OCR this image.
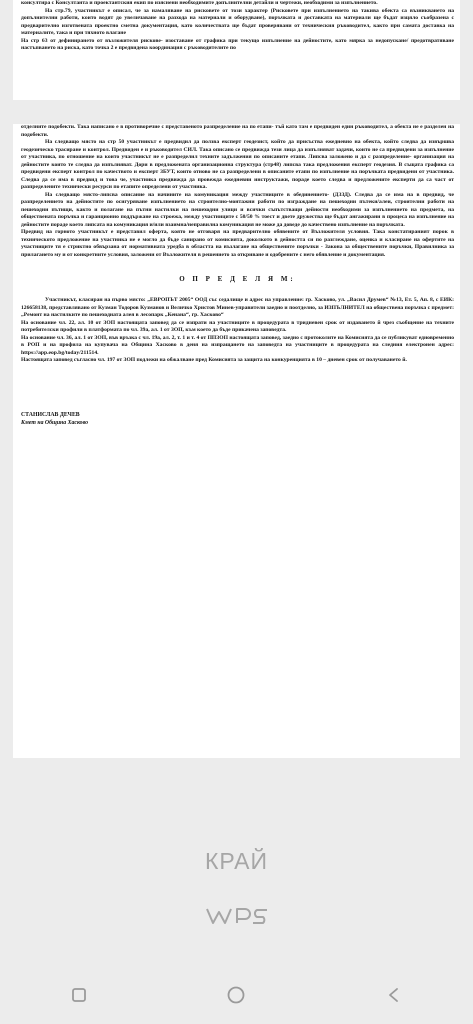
консултира с Консултанта и проектантския екип по изяснени необходимите допълнителни детайли и чертежи, необходими за изпълнението.

На стр.79, участникът е описал, че за намаляване на рисковете от този характер (Рисковете при изпълнението на такива обекта са възникването на допълнителни работи, които водят до увеличаване на разхода на материали и оборудване), поръчката и доставката на материали ще бъдат изцяло съобразена с предварително изготвената проектно сметна документация, като количествата ще бъдат проверявани от техническия ръководител, както при самата доставка на материалите, така и при тяхното влагане

На стр 63 от дефинирането от възложителя рискове- изоставане от графика при текущо изпълнение на дейностите, като мярка за недопускане/ предотвратяване настъпването на риска, като точка 2 е предвидена координация с ръководителите по

отделните подобекти. Така написано е в противоречие с представеното разпределение на по етапи- тъй като там е предвиден един ръководител, а обекта не е разделен на подобекти.

На следващо място на стр 50 участникът е предвидил да ползва експерт геодезист, който да присъства ежедневно на обекта, който следва да извършва геодезическо трасиране и контрол. Предвиден е и ръководител СИЛ. Така описано се предвижда тези лица да изпълняват задачи, които не са предвидени за изпълнение от участника, по отношение на които участникът не е разпределил техните задължения по описаните етапи. Липсва заложено и да с разпределение- организация на дейностите които те следва да изпълняват. Дори в предложената организационна структура (стр48) липсва така предложения експерт геодезия. В същата графика са предвидени експерт контрол по качеството и експерт ЗБУТ, които отново не са разпределени в описаните етапи по изпълнение на поръчката предвидени от участника. Следва да се има в предвид и това че, участника предвижда да провежда ежедневни инструктажи, пораде което следва и предложените експерти да са част от разпределените технически ресурси по етапите определени от участника.

На следващо място-липсва описание на начините на комуникация между участниците в обединението- (ДЗЗД). Следва да се има на в предвид, че разпределението на дейностите по осигуряване изпълнението на строително-монтажни работи по изграждане на пешеходни пътеки/алеи, строителни работи на пешеходни пътищи, както и полагане на пътни настилки на пешеходни улици и всички съпътстващи дейности необходими за изпълнението на предмета, на обществената поръчка и гаранционно поддържане на строежа, между участниците с 50/50 % тоест и двете дружества ще бъдат ангажирани в процеса на изпълнение на дейностите пораде което липсата на комуникация и/или взаимна/неправилна комуникация не може да доведе до качествено изпълнение на поръчката.

Предвид на горното участникът е представил оферта, която не отговаря на предварително обявените от Възложителя условия. Така констатираният порок в техническото предложение на участника не е могло да бъде санирано от комисията, доколкото в дейността си по разглеждане, оценка и класиране на офертите на участниците тя е стриктно обвързана от нормативната уредба в областта на възлагане на обществените поръчки - Закона за обществените поръчки, Правилника за прилагането му и от конкретните условия, заложени от Възложителя в решението за откриване и одобрените с него обявление и документация.

О П Р Е Д Е Л Я М:

Участникът, класиран на първо място: „ЕВРОПЪТ 2005“ ООД със седалище и адрес на управление: гр. Хасково, ул. „Васил Друмев“ №13, Ет. 5, Ап. 8, с ЕИК: 126658138, представлявано от Кузман Тодоров Кузманов и Величко Христов Минев-управители заедно и поотделно, за ИЗПЪЛНИТЕЛ на обществена поръчка с предмет: „Ремонт на настилките по пешеходната алея в лесопарк „Кенана“, гр. Хасково“

На основание чл. 22, ал. 10 от ЗОП настоящата заповед да се изпрати на участниците в процедурата в тридневен срок от издаването й чрез съобщение на техните потребителски профили в платформата по чл. 39а, ал. 1 от ЗОП, към което да бъде прикачена заповедта.

На основание чл. 36, ал. 1 от ЗОП, във връзка с чл. 19а, ал. 2, т. 1 и т. 4 от ППЗОП настоящата заповед, заедно с протоколите на Комисията да се публикуват едновременно в РОП и на профила на купувача на Община Хасково в деня на изпращането на заповедта на участниците в процедурата на следния електронен адрес: https://app.eop.bg/today/211514.

Настоящата заповед съгласно чл. 197 от ЗОП подлежи на обжалване пред Комисията за защита на конкуренцията в 10 – дневен срок от получаването й.

СТАНИСЛАВ ДЕЧЕВ

Кмет на Община Хасково

КРАЙ
